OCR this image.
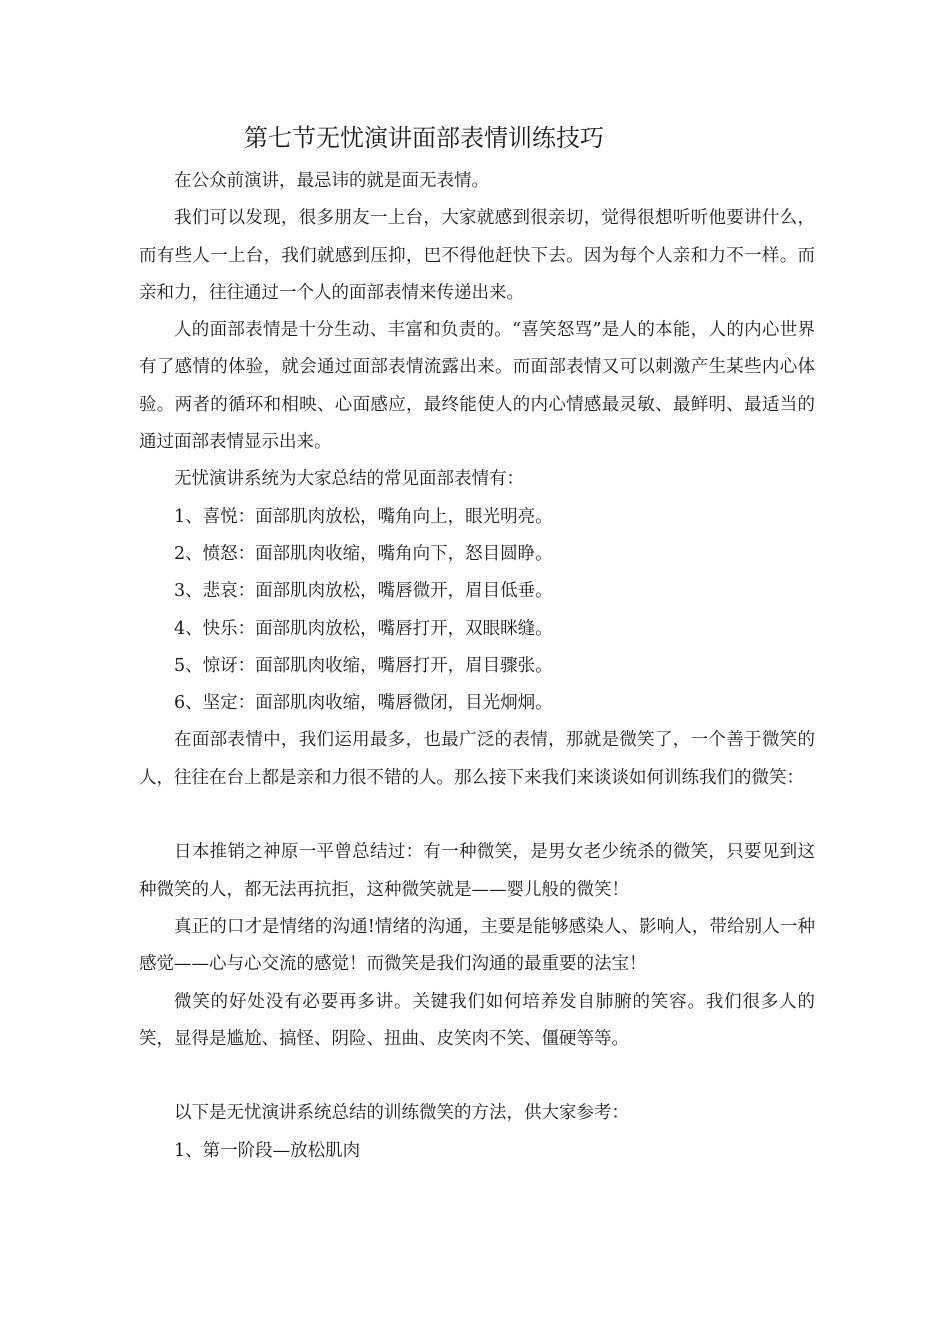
第七节无忧演讲面部表情训练技巧

在公众前演讲，最忌讳的就是面无表情。

我们可以发现，很多朋友一上台，大家就感到很亲切，觉得很想听听他要讲什么，而有些人一上台，我们就感到压抑，巴不得他赶快下去。因为每个人亲和力不一样。而亲和力，往往通过一个人的面部表情来传递出来。

人的面部表情是十分生动、丰富和负责的。“喜笑怒骂”是人的本能，人的内心世界有了感情的体验，就会通过面部表情流露出来。而面部表情又可以刺激产生某些内心体验。两者的循环和相映、心面感应，最终能使人的内心情感最灵敏、最鲜明、最适当的通过面部表情显示出来。

无忧演讲系统为大家总结的常见面部表情有：

1、喜悦：面部肌肉放松，嘴角向上，眼光明亮。

2、愤怒：面部肌肉收缩，嘴角向下，怒目圆睁。

3、悲哀：面部肌肉放松，嘴唇微开，眉目低垂。

4、快乐：面部肌肉放松，嘴唇打开，双眼眯缝。

5、惊讶：面部肌肉收缩，嘴唇打开，眉目骤张。

6、坚定：面部肌肉收缩，嘴唇微闭，目光炯炯。

在面部表情中，我们运用最多，也最广泛的表情，那就是微笑了，一个善于微笑的人，往往在台上都是亲和力很不错的人。那么接下来我们来谈谈如何训练我们的微笑：

日本推销之神原一平曾总结过：有一种微笑，是男女老少统杀的微笑，只要见到这种微笑的人，都无法再抗拒，这种微笑就是——婴儿般的微笑！

真正的口才是情绪的沟通!情绪的沟通，主要是能够感染人、影响人，带给别人一种感觉——心与心交流的感觉！而微笑是我们沟通的最重要的法宝！

微笑的好处没有必要再多讲。关键我们如何培养发自肺腑的笑容。我们很多人的笑，显得是尴尬、搞怪、阴险、扭曲、皮笑肉不笑、僵硬等等。

以下是无忧演讲系统总结的训练微笑的方法，供大家参考：

1、第一阶段—放松肌肉
